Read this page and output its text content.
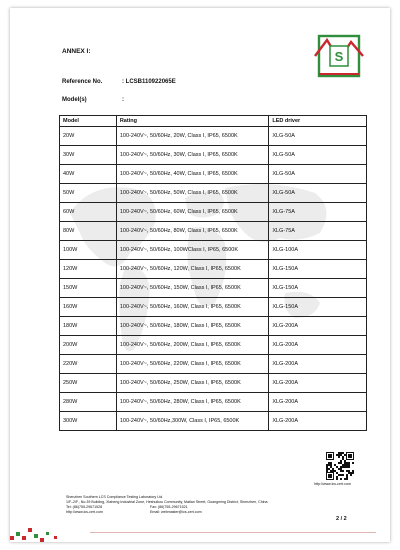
ANNEX I:	S
Reference No.	: LCSB110922065E
Model(s)	:
Model	Rating	LED driver
20W	100-240V~, 50/60Hz, 20W, Class I, IP65, 6500K	XLG-50A
30W	100-240V~, 50/60Hz, 30W, Class I, IP65, 6500K	XLG-50A
40W	100-240V~, 50/60Hz, 40W, Class I, IP65, 6500K	XLG-50A
50W	100-240V~, 50/60Hz, 50W, Class I, IP65, 6500K	XLG-50A
60W	100-240V~, 50/60Hz, 60W, Class I, IP65, 6500K	XLG-75A
80W	100-240V~, 50/60Hz, 80W, Class I, IP65, 6500K	XLG-75A
100W	100-240V~, 50/60Hz, 100WClass I, IP65, 6500K	XLG-100A
120W	100-240V~, 50/60Hz, 120W, Class I, IP65, 6500K	XLG-150A
150W	100-240V~, 50/60Hz, 150W, Class I, IP65, 6500K	XLG-150A
160W	100-240V~, 50/60Hz, 160W, Class I, IP65, 6500K	XLG-150A
180W	100-240V~, 50/60Hz, 180W, Class I, IP65, 6500K	XLG-200A
200W	100-240V~, 50/60Hz, 200W, Class I, IP65, 6500K	XLG-200A
220W	100-240V~, 50/60Hz, 220W, Class I, IP65, 6500K	XLG-200A
250W	100-240V~, 50/60Hz, 250W, Class I, IP65, 6500K	XLG-200A
280W	100-240V~, 50/60Hz, 280W, Class I, IP65, 6500K	XLG-200A
300W	100-240V~, 50/60Hz,300W, Class I, IP65, 6500K	XLG-200A
http://www.lcs-cert.com
Shenzhen Southern LCS Compliance Testing Laboratory Ltd.
1/F.-2/F., No.39 Building, Xiaheng Industrial Zone, Heshuikou Community, Matian Street, Guangming District, Shenzhen, China
Tel: (86)755-29671528	Fax: (86)755-29671521
http://www.lcs-cert.com	Email: webmaster@lcs-cert.com
2 / 2
